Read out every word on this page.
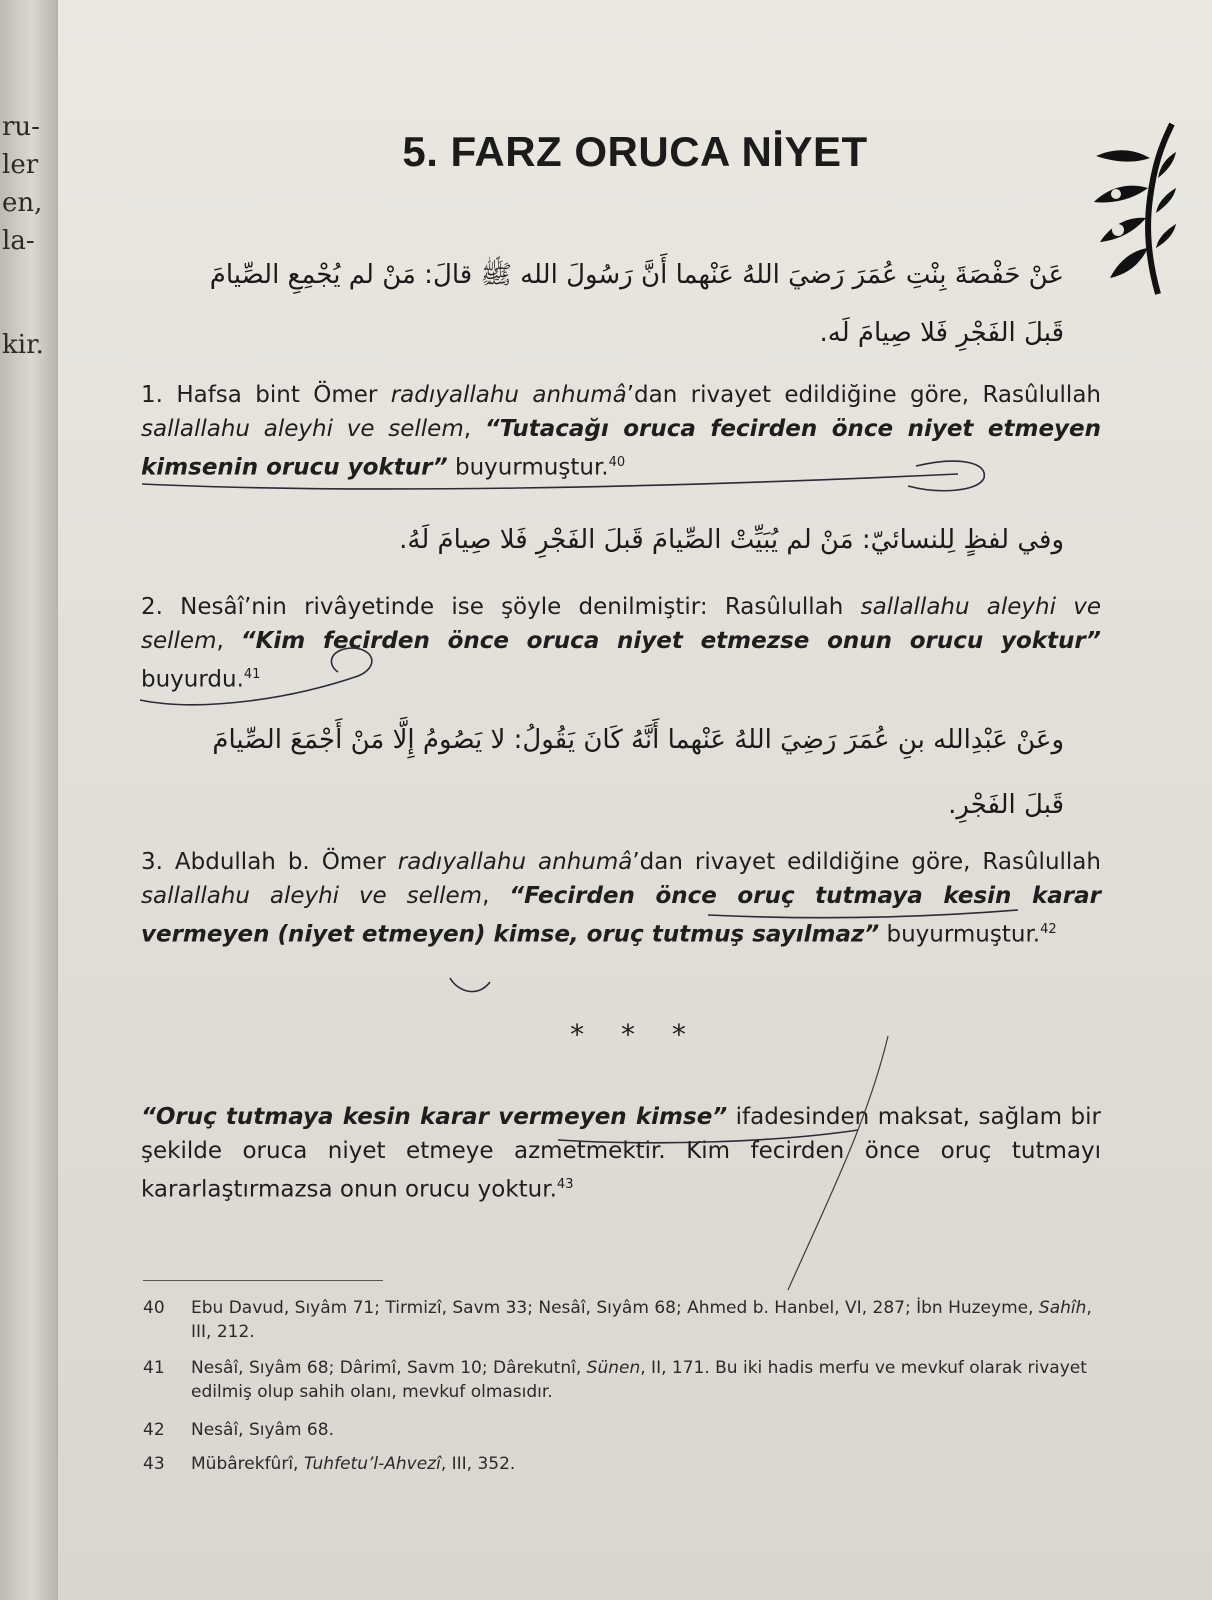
ru-
ler
en,
la-
kir.
5. FARZ ORUCA NİYET
عَنْ حَفْصَةَ بِنْتِ عُمَرَ رَضيَ اللهُ عَنْهما أَنَّ رَسُولَ الله ﷺ قالَ: مَنْ لم يُجْمِعِ الصِّيامَ
قَبلَ الفَجْرِ فَلا صِيامَ لَه.
1. Hafsa bint Ömer radıyallahu anhumâ’dan rivayet edildiğine göre, Rasûlullah sallallahu aleyhi ve sellem, “Tutacağı oruca fecirden önce niyet etmeyen kimsenin orucu yoktur” buyurmuştur.$^{40}$
وفي لفظٍ لِلنسائيّ: مَنْ لم يُبَيِّتْ الصِّيامَ قَبلَ الفَجْرِ فَلا صِيامَ لَهُ.
2. Nesâî’nin rivâyetinde ise şöyle denilmiştir: Rasûlullah sallallahu aleyhi ve sellem, “Kim fecirden önce oruca niyet etmezse onun orucu yoktur” buyurdu.$^{41}$
وعَنْ عَبْدِالله بنِ عُمَرَ رَضِيَ اللهُ عَنْهما أَنَّهُ كَانَ يَقُولُ: لا يَصُومُ إِلَّا مَنْ أَجْمَعَ الصِّيامَ
قَبلَ الفَجْرِ.
3. Abdullah b. Ömer radıyallahu anhumâ’dan rivayet edildiğine göre, Rasûlullah sallallahu aleyhi ve sellem, “Fecirden önce oruç tutmaya kesin karar vermeyen (niyet etmeyen) kimse, oruç tutmuş sayılmaz” buyurmuştur.$^{42}$
* * *
“Oruç tutmaya kesin karar vermeyen kimse” ifadesinden maksat, sağlam bir şekilde oruca niyet etmeye azmetmektir. Kim fecirden önce oruç tutmayı kararlaştırmazsa onun orucu yoktur.$^{43}$
40	Ebu Davud, Sıyâm 71; Tirmizî, Savm 33; Nesâî, Sıyâm 68; Ahmed b. Hanbel, VI, 287; İbn Huzeyme, Sahîh, III, 212.
41	Nesâî, Sıyâm 68; Dârimî, Savm 10; Dârekutnî, Sünen, II, 171. Bu iki hadis merfu ve mevkuf olarak rivayet edilmiş olup sahih olanı, mevkuf olmasıdır.
42	Nesâî, Sıyâm 68.
43	Mübârekfûrî, Tuhfetu’l-Ahvezî, III, 352.
